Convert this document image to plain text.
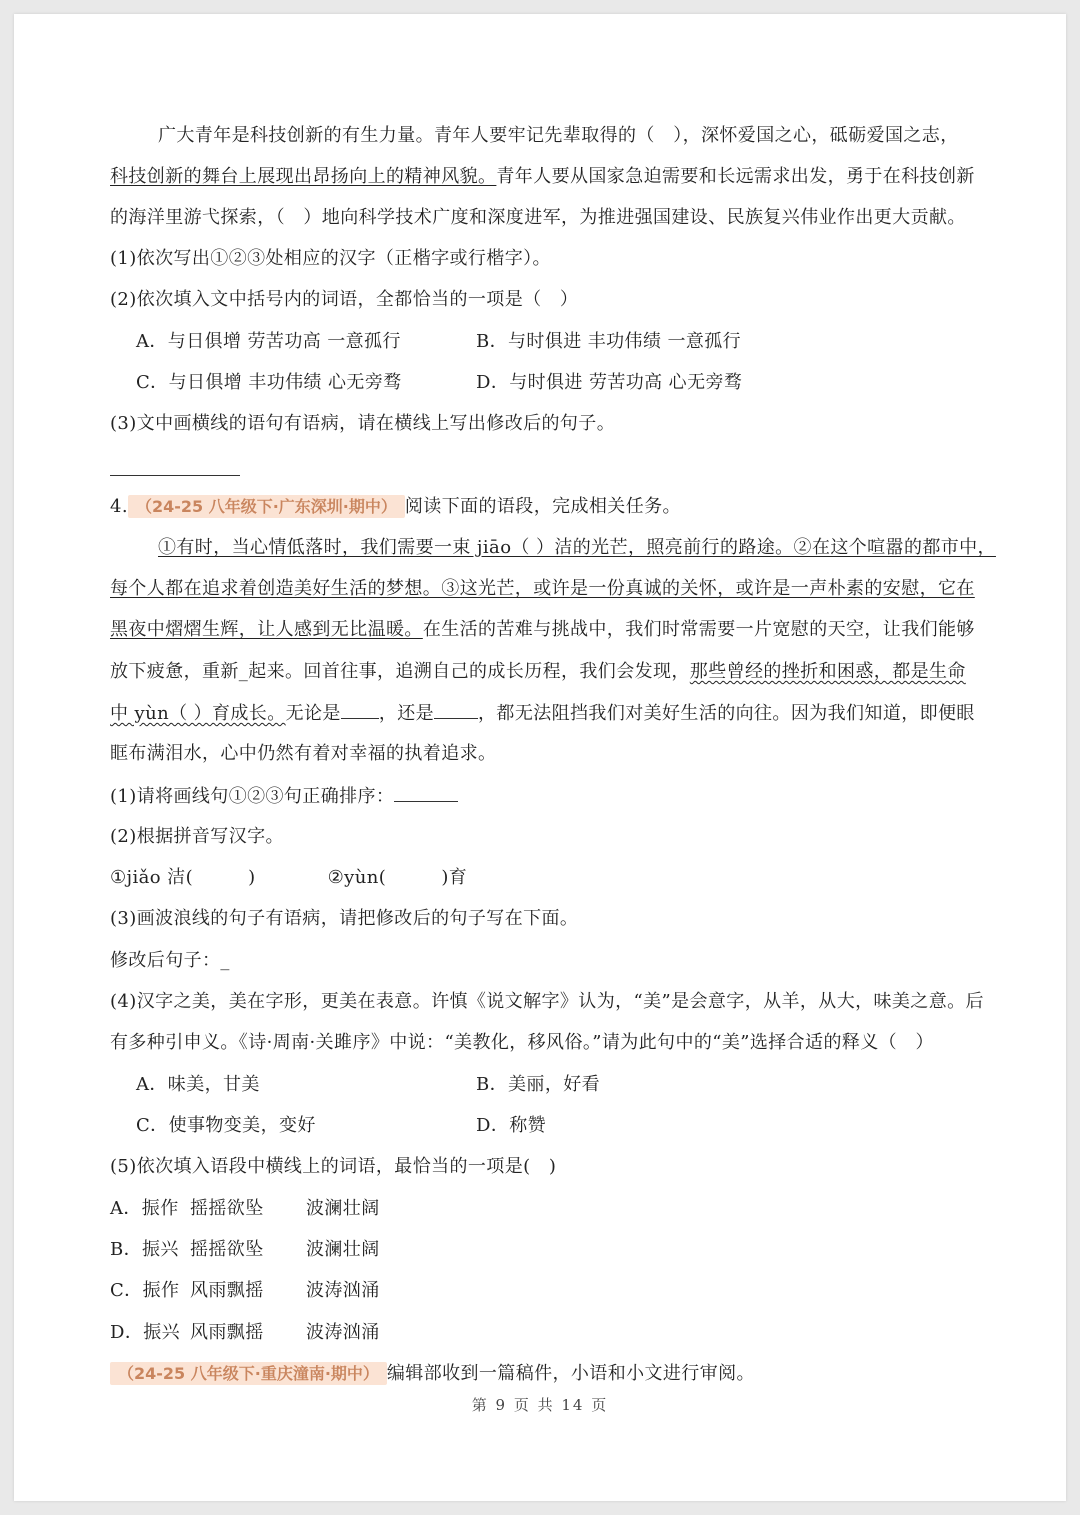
广大青年是科技创新的有生力量。青年人要牢记先辈取得的（　），深怀爱国之心，砥砺爱国之志，
科技创新的舞台上展现出昂扬向上的精神风貌。青年人要从国家急迫需要和长远需求出发，勇于在科技创新
的海洋里游弋探索，（　）地向科学技术广度和深度进军，为推进强国建设、民族复兴伟业作出更大贡献。
(1)依次写出①②③处相应的汉字（正楷字或行楷字）。
(2)依次填入文中括号内的词语，全都恰当的一项是（　）
A．与日俱增 劳苦功高 一意孤行	B．与时俱进 丰功伟绩 一意孤行
C．与日俱增 丰功伟绩 心无旁骛	D．与时俱进 劳苦功高 心无旁骛
(3)文中画横线的语句有语病，请在横线上写出修改后的句子。
4. （24-25 八年级下·广东深圳·期中） 阅读下面的语段，完成相关任务。
①有时，当心情低落时，我们需要一束 jiāo（ ）洁的光芒，照亮前行的路途。②在这个喧嚣的都市中，
每个人都在追求着创造美好生活的梦想。③这光芒，或许是一份真诚的关怀，或许是一声朴素的安慰，它在
黑夜中熠熠生辉，让人感到无比温暖。在生活的苦难与挑战中，我们时常需要一片宽慰的天空，让我们能够
放下疲惫，重新_起来。回首往事，追溯自己的成长历程，我们会发现，那些曾经的挫折和困惑，都是生命
中 yùn（ ）育成长。无论是 ，还是 ，都无法阻挡我们对美好生活的向往。因为我们知道，即便眼
眶布满泪水，心中仍然有着对幸福的执着追求。
(1)请将画线句①②③句正确排序：
(2)根据拼音写汉字。
①jiǎo 洁(　　　)	②yùn(　　　)育
(3)画波浪线的句子有语病，请把修改后的句子写在下面。
修改后句子：_
(4)汉字之美，美在字形，更美在表意。许慎《说文解字》认为，“美”是会意字，从羊，从大，味美之意。后
有多种引申义。《诗·周南·关雎序》中说：“美教化，移风俗。”请为此句中的“美”选择合适的释义（　）
A．味美，甘美	B．美丽，好看
C．使事物变美，变好	D．称赞
(5)依次填入语段中横线上的词语，最恰当的一项是(　)
A．振作 摇摇欲坠 波澜壮阔
B．振兴 摇摇欲坠 波澜壮阔
C．振作 风雨飘摇 波涛汹涌
D．振兴 风雨飘摇 波涛汹涌
（24-25 八年级下·重庆潼南·期中） 编辑部收到一篇稿件，小语和小文进行审阅。
第 9 页 共 14 页
